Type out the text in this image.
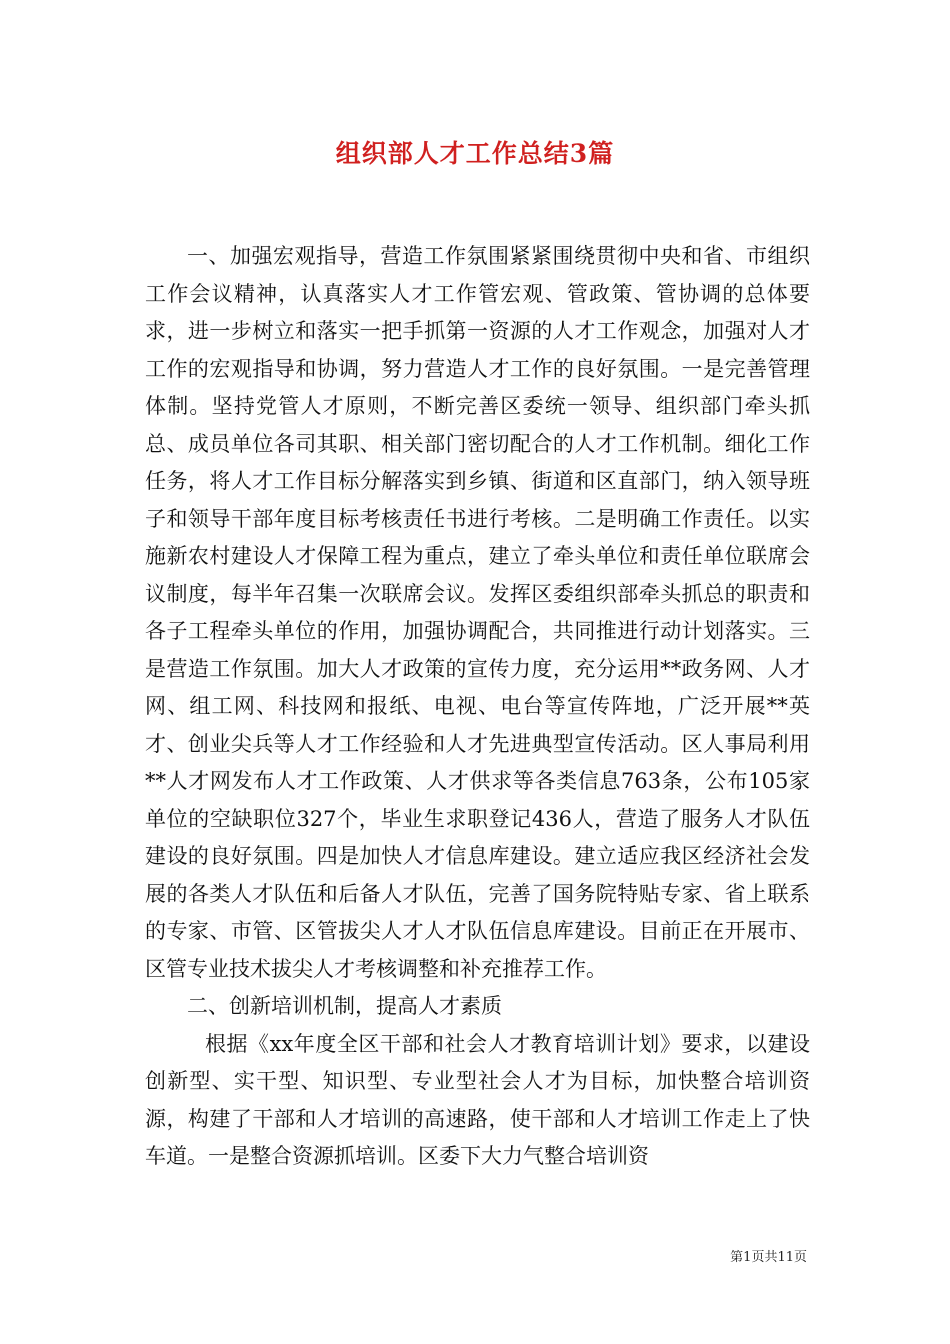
组织部人才工作总结3篇

一、加强宏观指导，营造工作氛围紧紧围绕贯彻中央和省、市组织工作会议精神，认真落实人才工作管宏观、管政策、管协调的总体要求，进一步树立和落实一把手抓第一资源的人才工作观念，加强对人才工作的宏观指导和协调，努力营造人才工作的良好氛围。一是完善管理体制。坚持党管人才原则，不断完善区委统一领导、组织部门牵头抓总、成员单位各司其职、相关部门密切配合的人才工作机制。细化工作任务，将人才工作目标分解落实到乡镇、街道和区直部门，纳入领导班子和领导干部年度目标考核责任书进行考核。二是明确工作责任。以实施新农村建设人才保障工程为重点，建立了牵头单位和责任单位联席会议制度，每半年召集一次联席会议。发挥区委组织部牵头抓总的职责和各子工程牵头单位的作用，加强协调配合，共同推进行动计划落实。三是营造工作氛围。加大人才政策的宣传力度，充分运用**政务网、人才网、组工网、科技网和报纸、电视、电台等宣传阵地，广泛开展**英才、创业尖兵等人才工作经验和人才先进典型宣传活动。区人事局利用**人才网发布人才工作政策、人才供求等各类信息763条，公布105家单位的空缺职位327个，毕业生求职登记436人，营造了服务人才队伍建设的良好氛围。四是加快人才信息库建设。建立适应我区经济社会发展的各类人才队伍和后备人才队伍，完善了国务院特贴专家、省上联系的专家、市管、区管拔尖人才人才队伍信息库建设。目前正在开展市、区管专业技术拔尖人才考核调整和补充推荐工作。

二、创新培训机制，提高人才素质

根据《xx年度全区干部和社会人才教育培训计划》要求，以建设创新型、实干型、知识型、专业型社会人才为目标，加快整合培训资源，构建了干部和人才培训的高速路，使干部和人才培训工作走上了快车道。一是整合资源抓培训。区委下大力气整合培训资

第1页共11页
